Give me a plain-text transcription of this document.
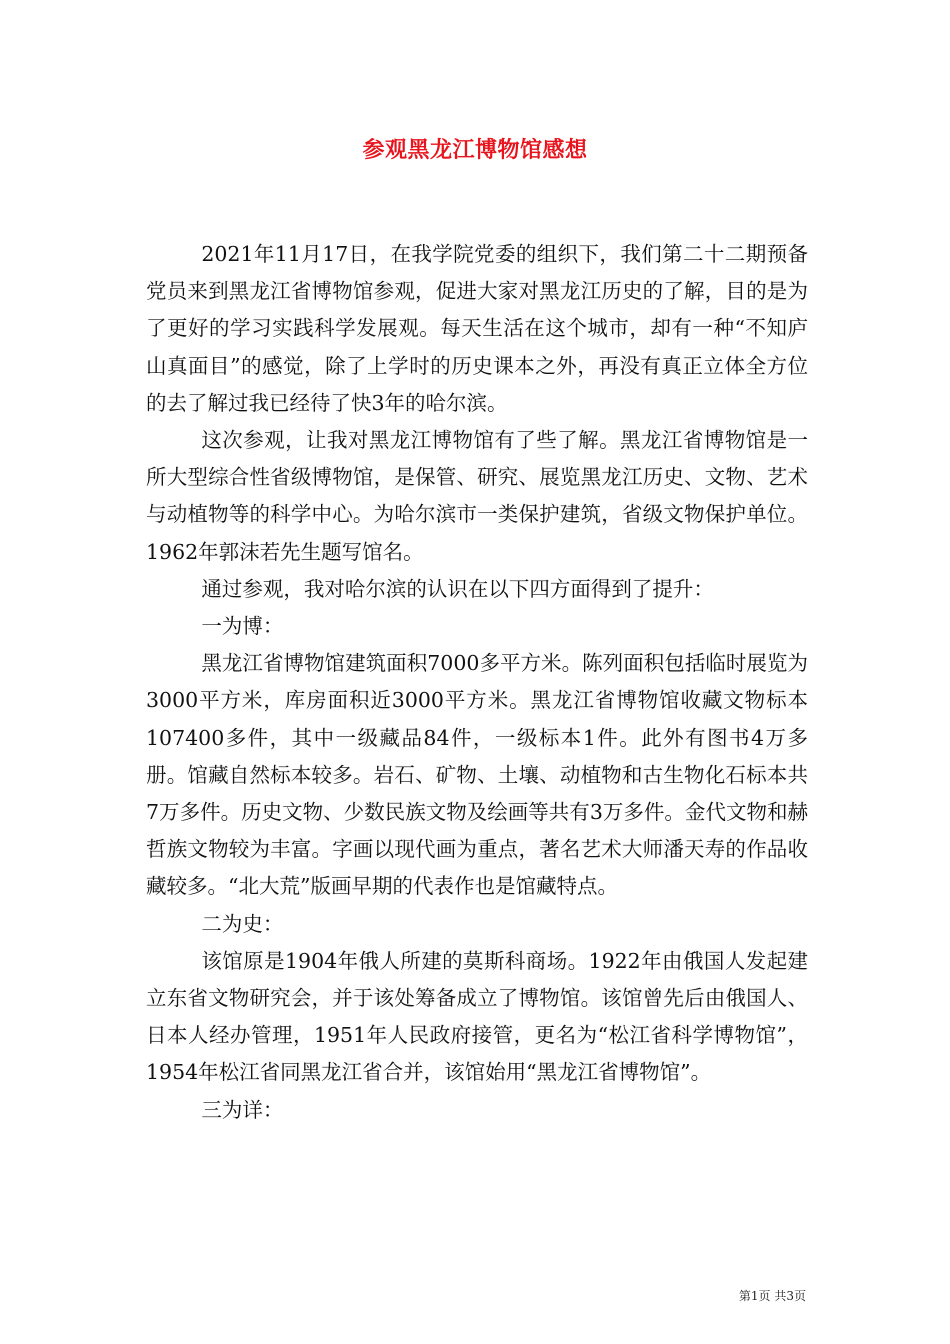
参观黑龙江博物馆感想

2021年11月17日，在我学院党委的组织下，我们第二十二期预备党员来到黑龙江省博物馆参观，促进大家对黑龙江历史的了解，目的是为了更好的学习实践科学发展观。每天生活在这个城市，却有一种“不知庐山真面目”的感觉，除了上学时的历史课本之外，再没有真正立体全方位的去了解过我已经待了快3年的哈尔滨。

这次参观，让我对黑龙江博物馆有了些了解。黑龙江省博物馆是一所大型综合性省级博物馆，是保管、研究、展览黑龙江历史、文物、艺术与动植物等的科学中心。为哈尔滨市一类保护建筑，省级文物保护单位。1962年郭沫若先生题写馆名。

通过参观，我对哈尔滨的认识在以下四方面得到了提升：

一为博：

黑龙江省博物馆建筑面积7000多平方米。陈列面积包括临时展览为3000平方米，库房面积近3000平方米。黑龙江省博物馆收藏文物标本107400多件，其中一级藏品84件，一级标本1件。此外有图书4万多册。馆藏自然标本较多。岩石、矿物、土壤、动植物和古生物化石标本共7万多件。历史文物、少数民族文物及绘画等共有3万多件。金代文物和赫哲族文物较为丰富。字画以现代画为重点，著名艺术大师潘天寿的作品收藏较多。“北大荒”版画早期的代表作也是馆藏特点。

二为史：

该馆原是1904年俄人所建的莫斯科商场。1922年由俄国人发起建立东省文物研究会，并于该处筹备成立了博物馆。该馆曾先后由俄国人、日本人经办管理，1951年人民政府接管，更名为“松江省科学博物馆”，1954年松江省同黑龙江省合并，该馆始用“黑龙江省博物馆”。

三为详：

第1页 共3页
